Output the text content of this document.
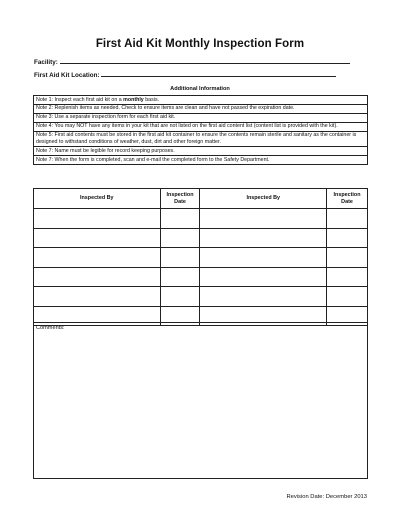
First Aid Kit Monthly Inspection Form
Facility:
First Aid Kit Location:
Additional Information
Note 1: Inspect each first aid kit on a monthly basis.
Note 2: Replenish items as needed. Check to ensure items are clean and have not passed the expiration date.
Note 3: Use a separate inspection form for each first aid kit.
Note 4: You may NOT have any items in your kit that are not listed on the first aid content list (content list is provided with the kit).
Note 5: First aid contents must be stored in the first aid kit container to ensure the contents remain sterile and sanitary as the container is designed to withstand conditions of weather, dust, dirt and other foreign matter.
Note 7: Name must be legible for record keeping purposes.
Note 7: When the form is completed, scan and e-mail the completed form to the Safety Department.
Inspected By	Inspection Date	Inspected By	Inspection Date

Comments:
Revision Date: December 2013
